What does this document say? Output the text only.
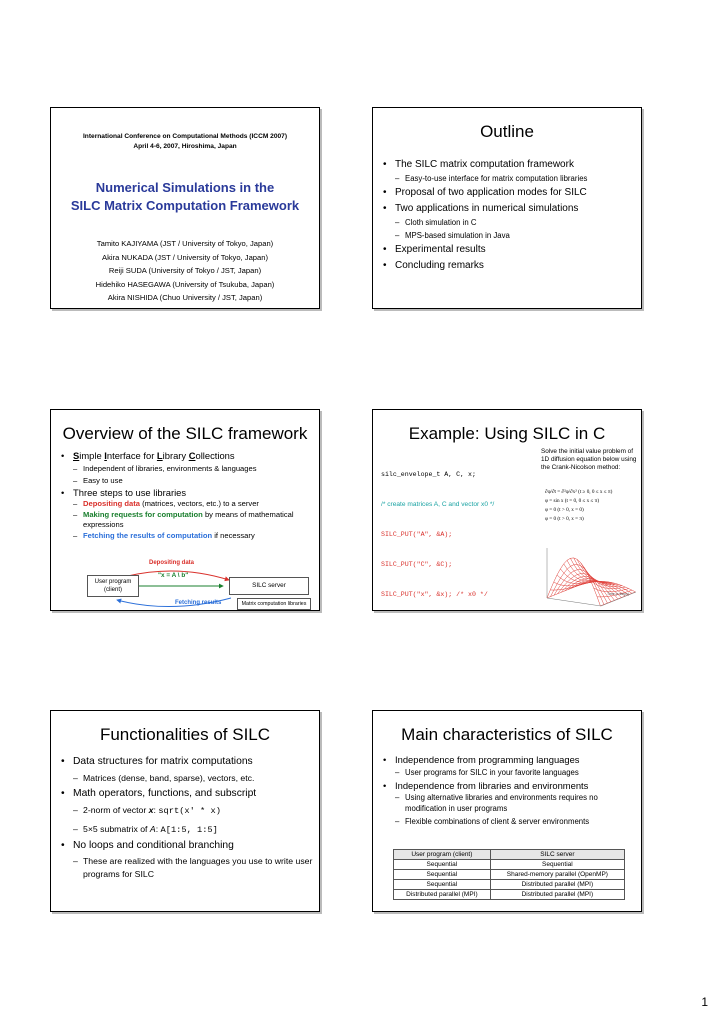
International Conference on Computational Methods (ICCM 2007)
April 4-6, 2007, Hiroshima, Japan
Numerical Simulations in the
SILC Matrix Computation Framework
Tamito KAJIYAMA (JST / University of Tokyo, Japan)
Akira NUKADA (JST / University of Tokyo, Japan)
Reiji SUDA (University of Tokyo / JST, Japan)
Hidehiko HASEGAWA (University of Tsukuba, Japan)
Akira NISHIDA (Chuo University / JST, Japan)
Outline
• The SILC matrix computation framework
– Easy-to-use interface for matrix computation libraries
• Proposal of two application modes for SILC
• Two applications in numerical simulations
– Cloth simulation in C
– MPS-based simulation in Java
• Experimental results
• Concluding remarks
Overview of the SILC framework
• Simple Interface for Library Collections
– Independent of libraries, environments & languages
– Easy to use
• Three steps to use libraries
– Depositing data (matrices, vectors, etc.) to a server
– Making requests for computation by means of mathematical expressions
– Fetching the results of computation if necessary
Depositing data
"x = A \ b"
User program
(client)
SILC server
Fetching results	Matrix computation libraries
Example: Using SILC in C

silc_envelope_t A, C, x;

/* create matrices A, C and vector x0 */

SILC_PUT("A", &A);

SILC_PUT("C", &C);

SILC_PUT("x", &x); /* x0 */

Solve the initial value problem of 1D diffusion equation below using the Crank-Nicolson method:
∂φ/∂t = ∂²φ/∂x² (t ≥ 0, 0 ≤ x ≤ π)
φ = sin x (t = 0, 0 ≤ x ≤ π)
φ = 0 (t > 0, x = 0)
φ = 0 (t > 0, x = π)
Time (x steps)
Functionalities of SILC
• Data structures for matrix computations
– Matrices (dense, band, sparse), vectors, etc.
• Math operators, functions, and subscript
– 2-norm of vector x: sqrt(x' * x)
– 5×5 submatrix of A: A[1:5, 1:5]
• No loops and conditional branching
– These are realized with the languages you use to write user programs for SILC
Main characteristics of SILC
• Independence from programming languages
– User programs for SILC in your favorite languages
• Independence from libraries and environments
– Using alternative libraries and environments requires no modification in user programs
– Flexible combinations of client & server environments
User program (client)	SILC server
Sequential	Sequential
Sequential	Shared-memory parallel (OpenMP)
Sequential	Distributed parallel (MPI)
Distributed parallel (MPI)	Distributed parallel (MPI)
1
